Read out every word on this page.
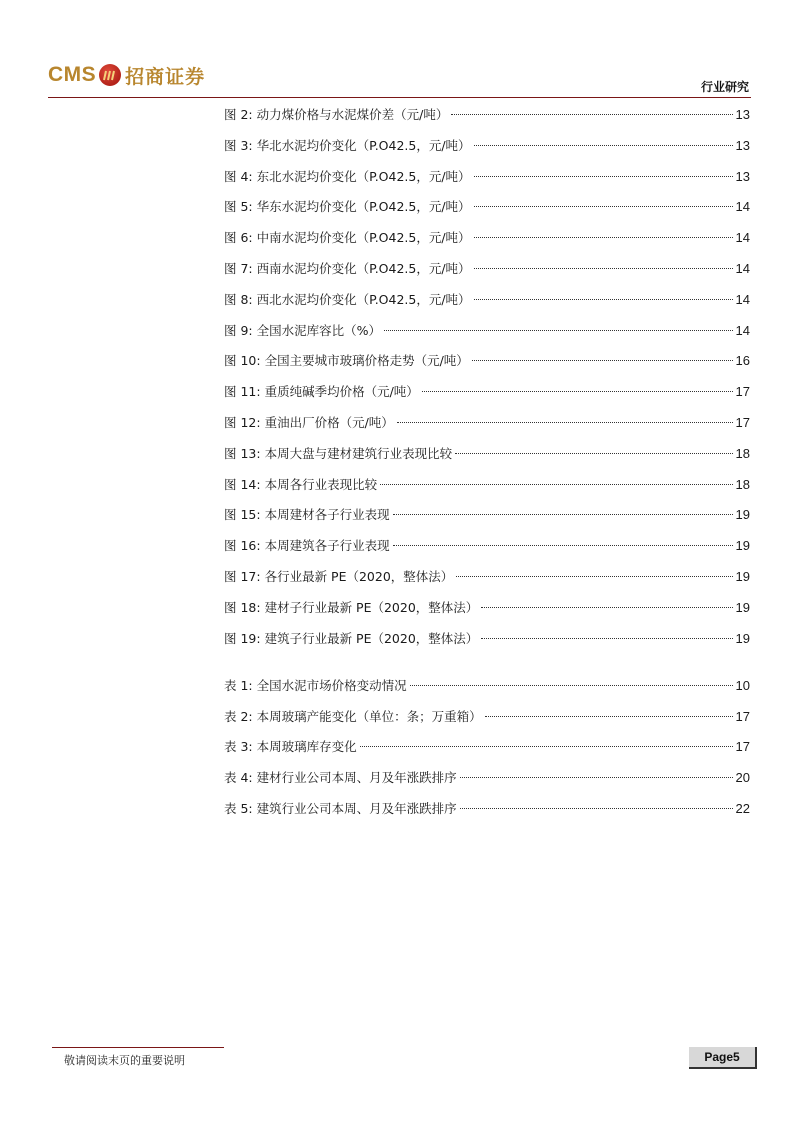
CMS 招商证券	行业研究
图 2: 动力煤价格与水泥煤价差（元/吨）	13
图 3: 华北水泥均价变化（P.O42.5，元/吨）	13
图 4: 东北水泥均价变化（P.O42.5，元/吨）	13
图 5: 华东水泥均价变化（P.O42.5，元/吨）	14
图 6: 中南水泥均价变化（P.O42.5，元/吨）	14
图 7: 西南水泥均价变化（P.O42.5，元/吨）	14
图 8: 西北水泥均价变化（P.O42.5，元/吨）	14
图 9: 全国水泥库容比（%）	14
图 10: 全国主要城市玻璃价格走势（元/吨）	16
图 11: 重质纯碱季均价格（元/吨）	17
图 12: 重油出厂价格（元/吨）	17
图 13: 本周大盘与建材建筑行业表现比较	18
图 14: 本周各行业表现比较	18
图 15: 本周建材各子行业表现	19
图 16: 本周建筑各子行业表现	19
图 17: 各行业最新 PE（2020，整体法）	19
图 18: 建材子行业最新 PE（2020，整体法）	19
图 19: 建筑子行业最新 PE（2020，整体法）	19
表 1: 全国水泥市场价格变动情况	10
表 2: 本周玻璃产能变化（单位：条；万重箱）	17
表 3: 本周玻璃库存变化	17
表 4: 建材行业公司本周、月及年涨跌排序	20
表 5: 建筑行业公司本周、月及年涨跌排序	22
敬请阅读末页的重要说明	Page5
